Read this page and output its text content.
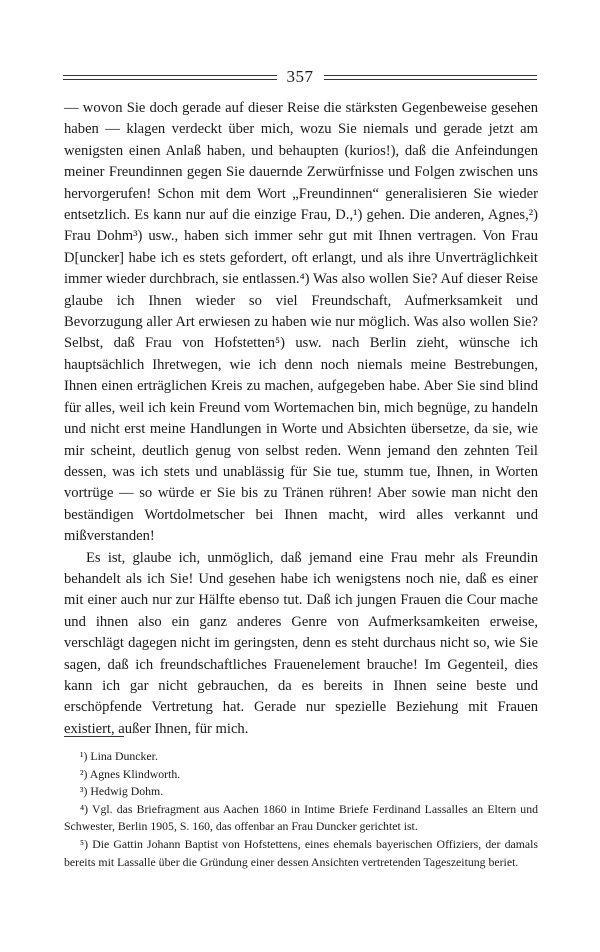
357

— wovon Sie doch gerade auf dieser Reise die stärksten Gegenbeweise gesehen haben — klagen verdeckt über mich, wozu Sie niemals und gerade jetzt am wenigsten einen Anlaß haben, und behaupten (kurios!), daß die Anfeindungen meiner Freundinnen gegen Sie dauernde Zerwürfnisse und Folgen zwischen uns hervorgerufen! Schon mit dem Wort „Freundinnen“ generalisieren Sie wieder entsetzlich. Es kann nur auf die einzige Frau, D.,¹) gehen. Die anderen, Agnes,²) Frau Dohm³) usw., haben sich immer sehr gut mit Ihnen vertragen. Von Frau D[uncker] habe ich es stets gefordert, oft erlangt, und als ihre Unverträglichkeit immer wieder durchbrach, sie entlassen.⁴) Was also wollen Sie? Auf dieser Reise glaube ich Ihnen wieder so viel Freundschaft, Aufmerksamkeit und Bevorzugung aller Art erwiesen zu haben wie nur möglich. Was also wollen Sie? Selbst, daß Frau von Hofstetten⁵) usw. nach Berlin zieht, wünsche ich hauptsächlich Ihretwegen, wie ich denn noch niemals meine Bestrebungen, Ihnen einen erträglichen Kreis zu machen, aufgegeben habe. Aber Sie sind blind für alles, weil ich kein Freund vom Wortemachen bin, mich begnüge, zu handeln und nicht erst meine Handlungen in Worte und Absichten übersetze, da sie, wie mir scheint, deutlich genug von selbst reden. Wenn jemand den zehnten Teil dessen, was ich stets und unablässig für Sie tue, stumm tue, Ihnen, in Worten vortrüge — so würde er Sie bis zu Tränen rühren! Aber sowie man nicht den beständigen Wortdolmetscher bei Ihnen macht, wird alles verkannt und mißverstanden!

Es ist, glaube ich, unmöglich, daß jemand eine Frau mehr als Freundin behandelt als ich Sie! Und gesehen habe ich wenigstens noch nie, daß es einer mit einer auch nur zur Hälfte ebenso tut. Daß ich jungen Frauen die Cour mache und ihnen also ein ganz anderes Genre von Aufmerksamkeiten erweise, verschlägt dagegen nicht im geringsten, denn es steht durchaus nicht so, wie Sie sagen, daß ich freundschaftliches Frauenelement brauche! Im Gegenteil, dies kann ich gar nicht gebrauchen, da es bereits in Ihnen seine beste und erschöpfende Vertretung hat. Gerade nur spezielle Beziehung mit Frauen existiert, außer Ihnen, für mich.

¹) Lina Duncker.

²) Agnes Klindworth.

³) Hedwig Dohm.

⁴) Vgl. das Briefragment aus Aachen 1860 in Intime Briefe Ferdinand Lassalles an Eltern und Schwester, Berlin 1905, S. 160, das offenbar an Frau Duncker gerichtet ist.

⁵) Die Gattin Johann Baptist von Hofstettens, eines ehemals bayerischen Offiziers, der damals bereits mit Lassalle über die Gründung einer dessen Ansichten vertretenden Tageszeitung beriet.
